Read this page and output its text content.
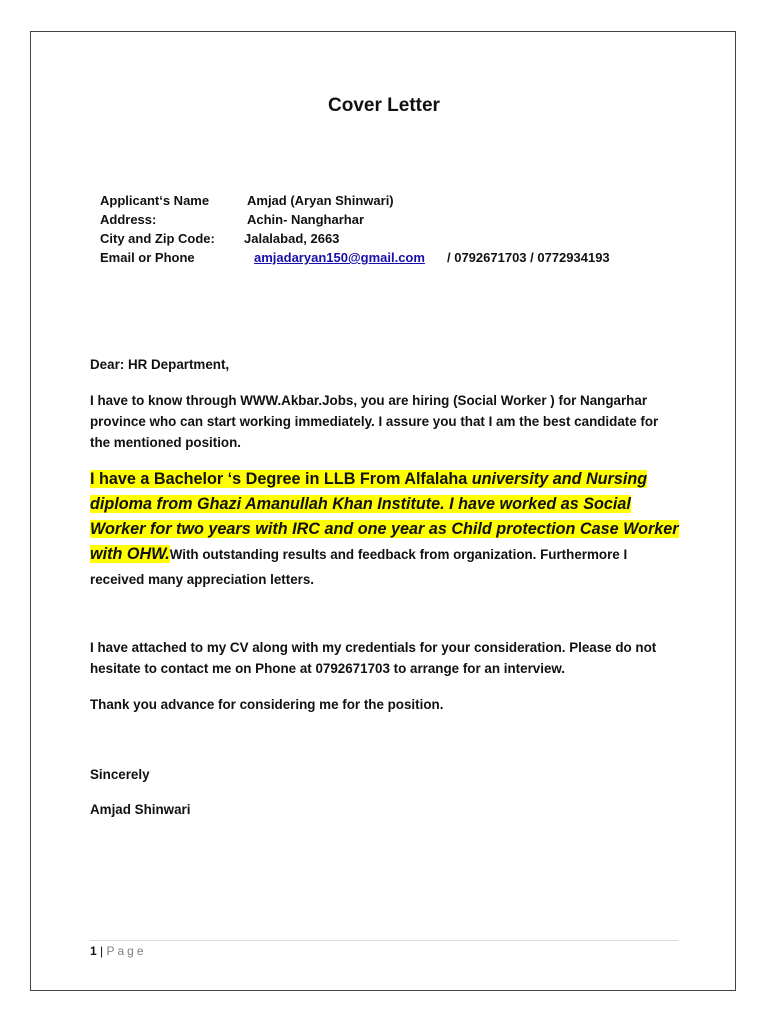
Cover Letter
Applicant‘s Name	Amjad (Aryan Shinwari)
Address:	Achin- Nangharhar
City and Zip Code: Jalalabad, 2663
Email or Phone	amjadaryan150@gmail.com / 0792671703 / 0772934193
Dear: HR Department,
I have to know through WWW.Akbar.Jobs, you are hiring (Social Worker ) for Nangarhar province who can start working immediately. I assure you that I am the best candidate for the mentioned position.
I have a Bachelor ‘s Degree in LLB From Alfalaha university and Nursing diploma from Ghazi Amanullah Khan Institute. I have worked as Social Worker for two years with IRC and one year as Child protection Case Worker with OHW.With outstanding results and feedback from organization. Furthermore I received many appreciation letters.
I have attached to my CV along with my credentials for your consideration. Please do not hesitate to contact me on Phone at 0792671703 to arrange for an interview.
Thank you advance for considering me for the position.
Sincerely
Amjad Shinwari
1 | Page
